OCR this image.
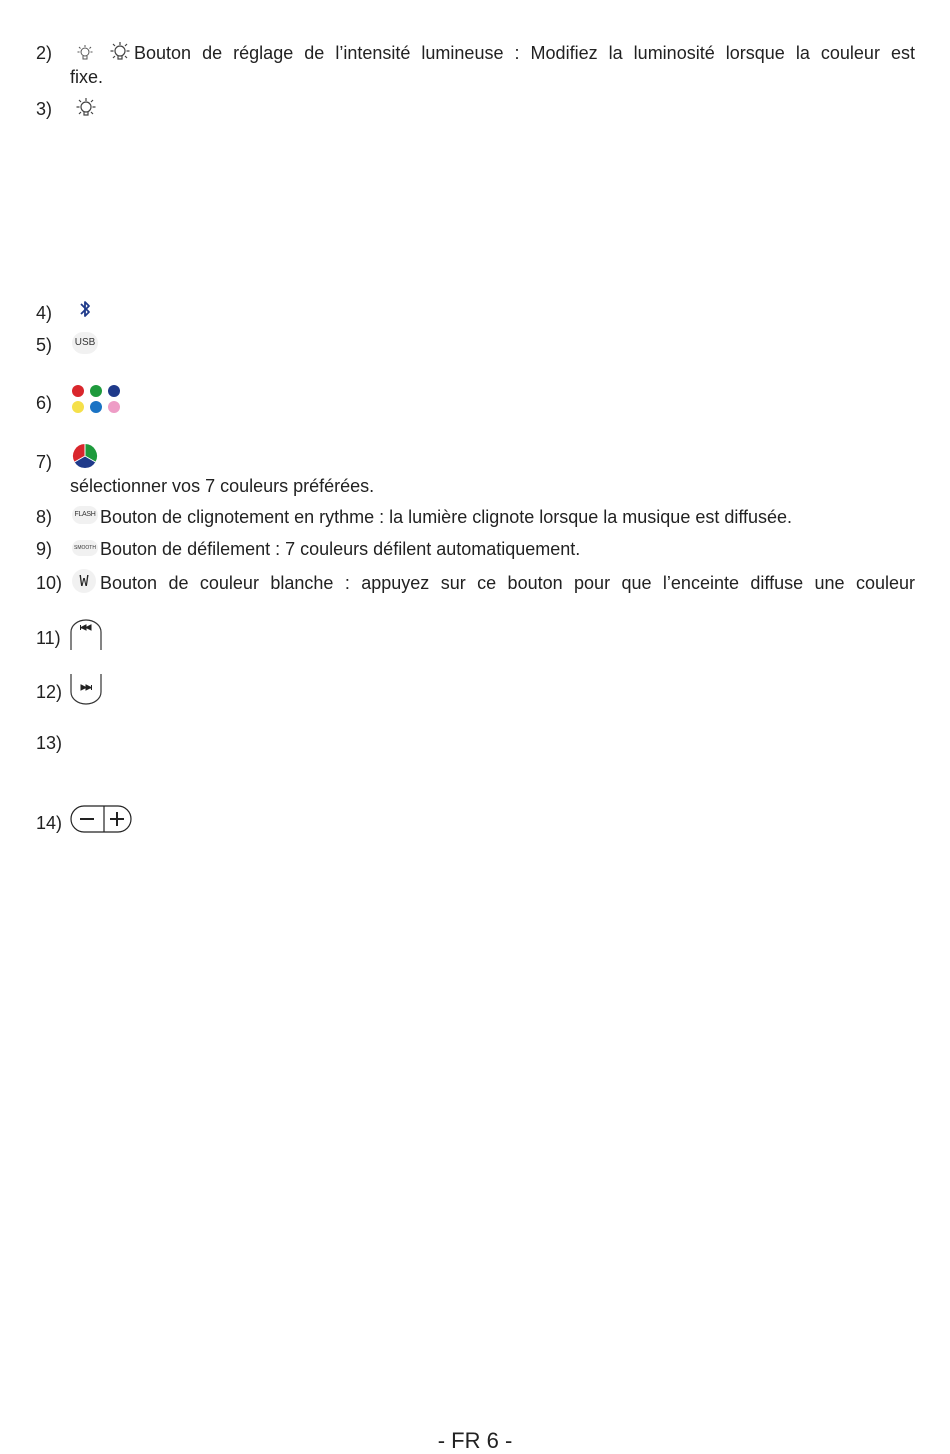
2)	Bouton de réglage de l’intensité lumineuse : Modifiez la luminosité lorsque la couleur est
fixe.
3)
4)
5) USB
6)
7)
sélectionner vos 7 couleurs préférées.
8)	FLASH Bouton de clignotement en rythme : la lumière clignote lorsque la musique est diffusée.
9)	SMOOTH Bouton de défilement : 7 couleurs défilent automatiquement.
10)	W Bouton de couleur blanche : appuyez sur ce bouton pour que l’enceinte diffuse une couleur
11)
12)
13)
14)
- FR 6 -
